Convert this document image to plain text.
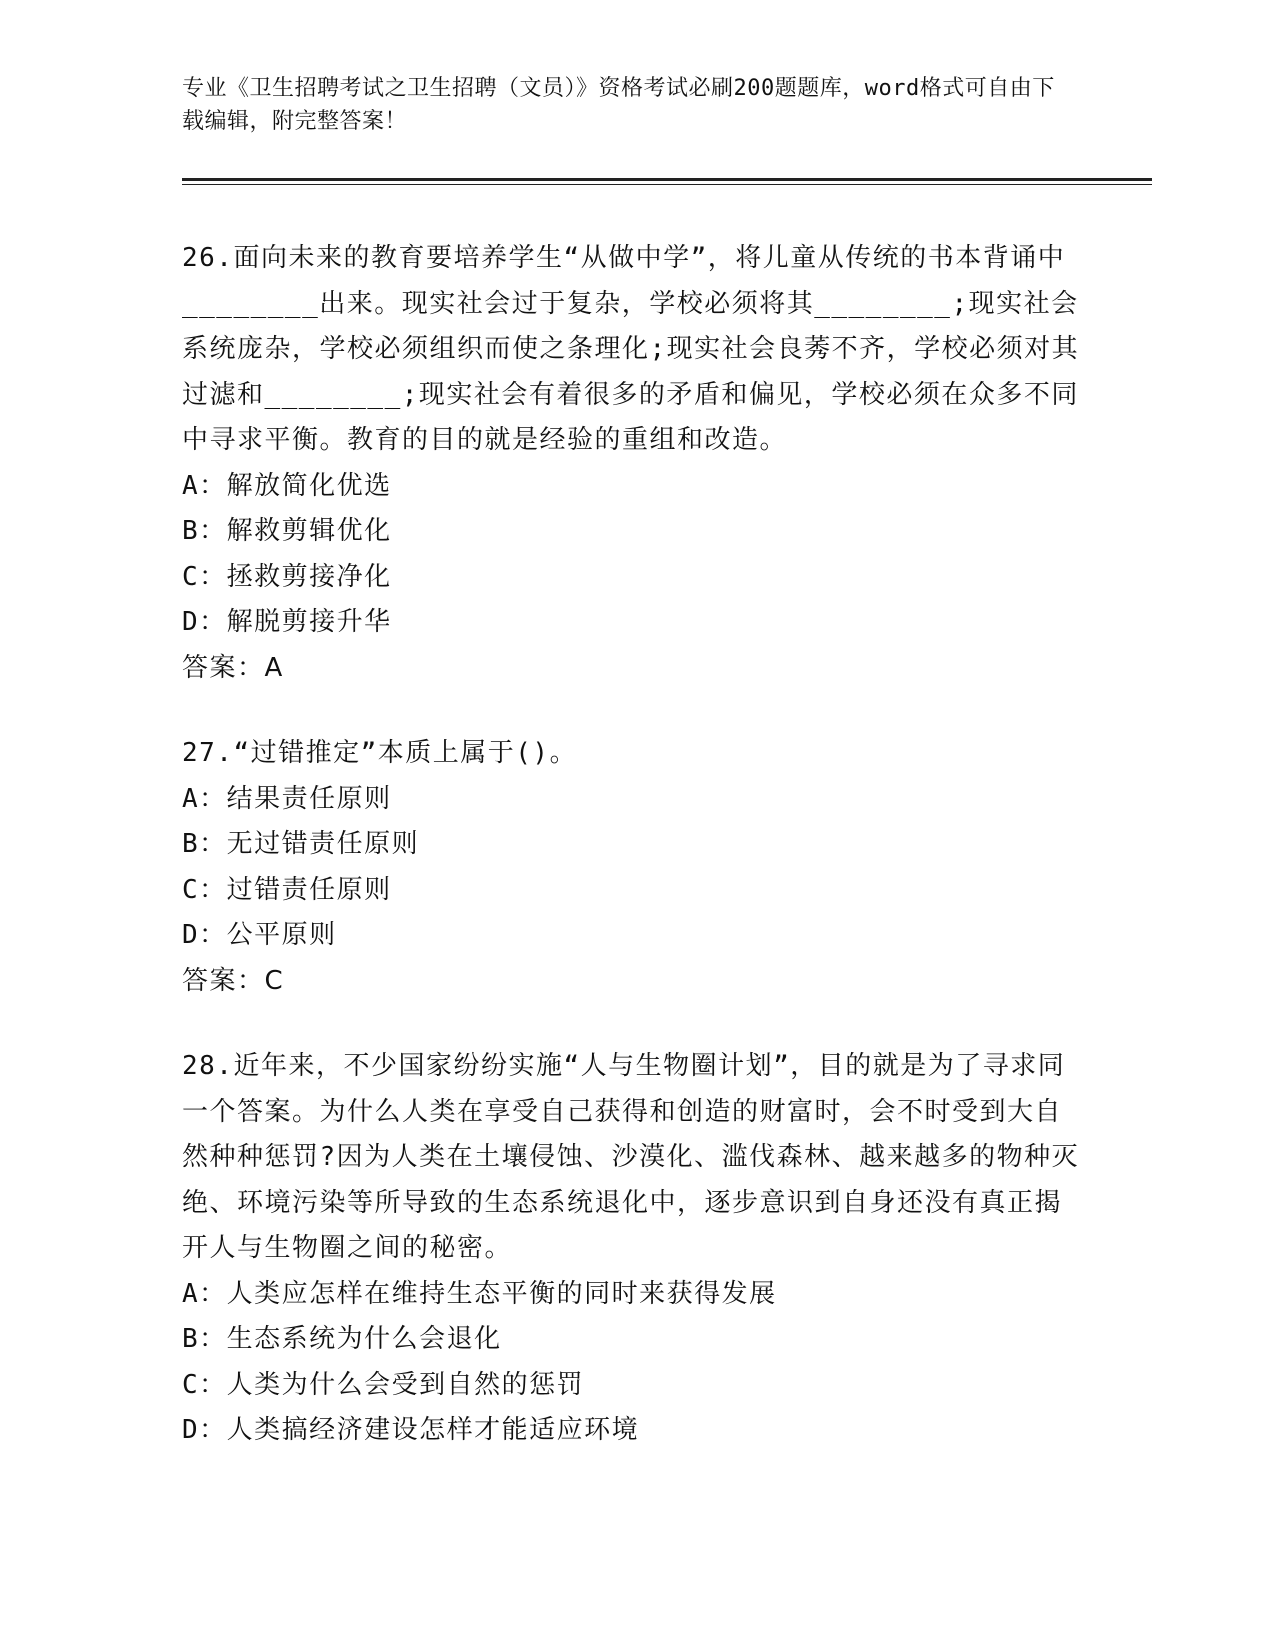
专业《卫生招聘考试之卫生招聘（文员）》资格考试必刷200题题库，word格式可自由下载编辑，附完整答案！

26.面向未来的教育要培养学生“从做中学”，将儿童从传统的书本背诵中________出来。现实社会过于复杂，学校必须将其________;现实社会系统庞杂，学校必须组织而使之条理化;现实社会良莠不齐，学校必须对其过滤和________;现实社会有着很多的矛盾和偏见，学校必须在众多不同中寻求平衡。教育的目的就是经验的重组和改造。

A：解放简化优选

B：解救剪辑优化

C：拯救剪接净化

D：解脱剪接升华

答案：A

27.“过错推定”本质上属于()。

A：结果责任原则

B：无过错责任原则

C：过错责任原则

D：公平原则

答案：C

28.近年来，不少国家纷纷实施“人与生物圈计划”，目的就是为了寻求同一个答案。为什么人类在享受自己获得和创造的财富时，会不时受到大自然种种惩罚?因为人类在土壤侵蚀、沙漠化、滥伐森林、越来越多的物种灭绝、环境污染等所导致的生态系统退化中，逐步意识到自身还没有真正揭开人与生物圈之间的秘密。

A：人类应怎样在维持生态平衡的同时来获得发展

B：生态系统为什么会退化

C：人类为什么会受到自然的惩罚

D：人类搞经济建设怎样才能适应环境
